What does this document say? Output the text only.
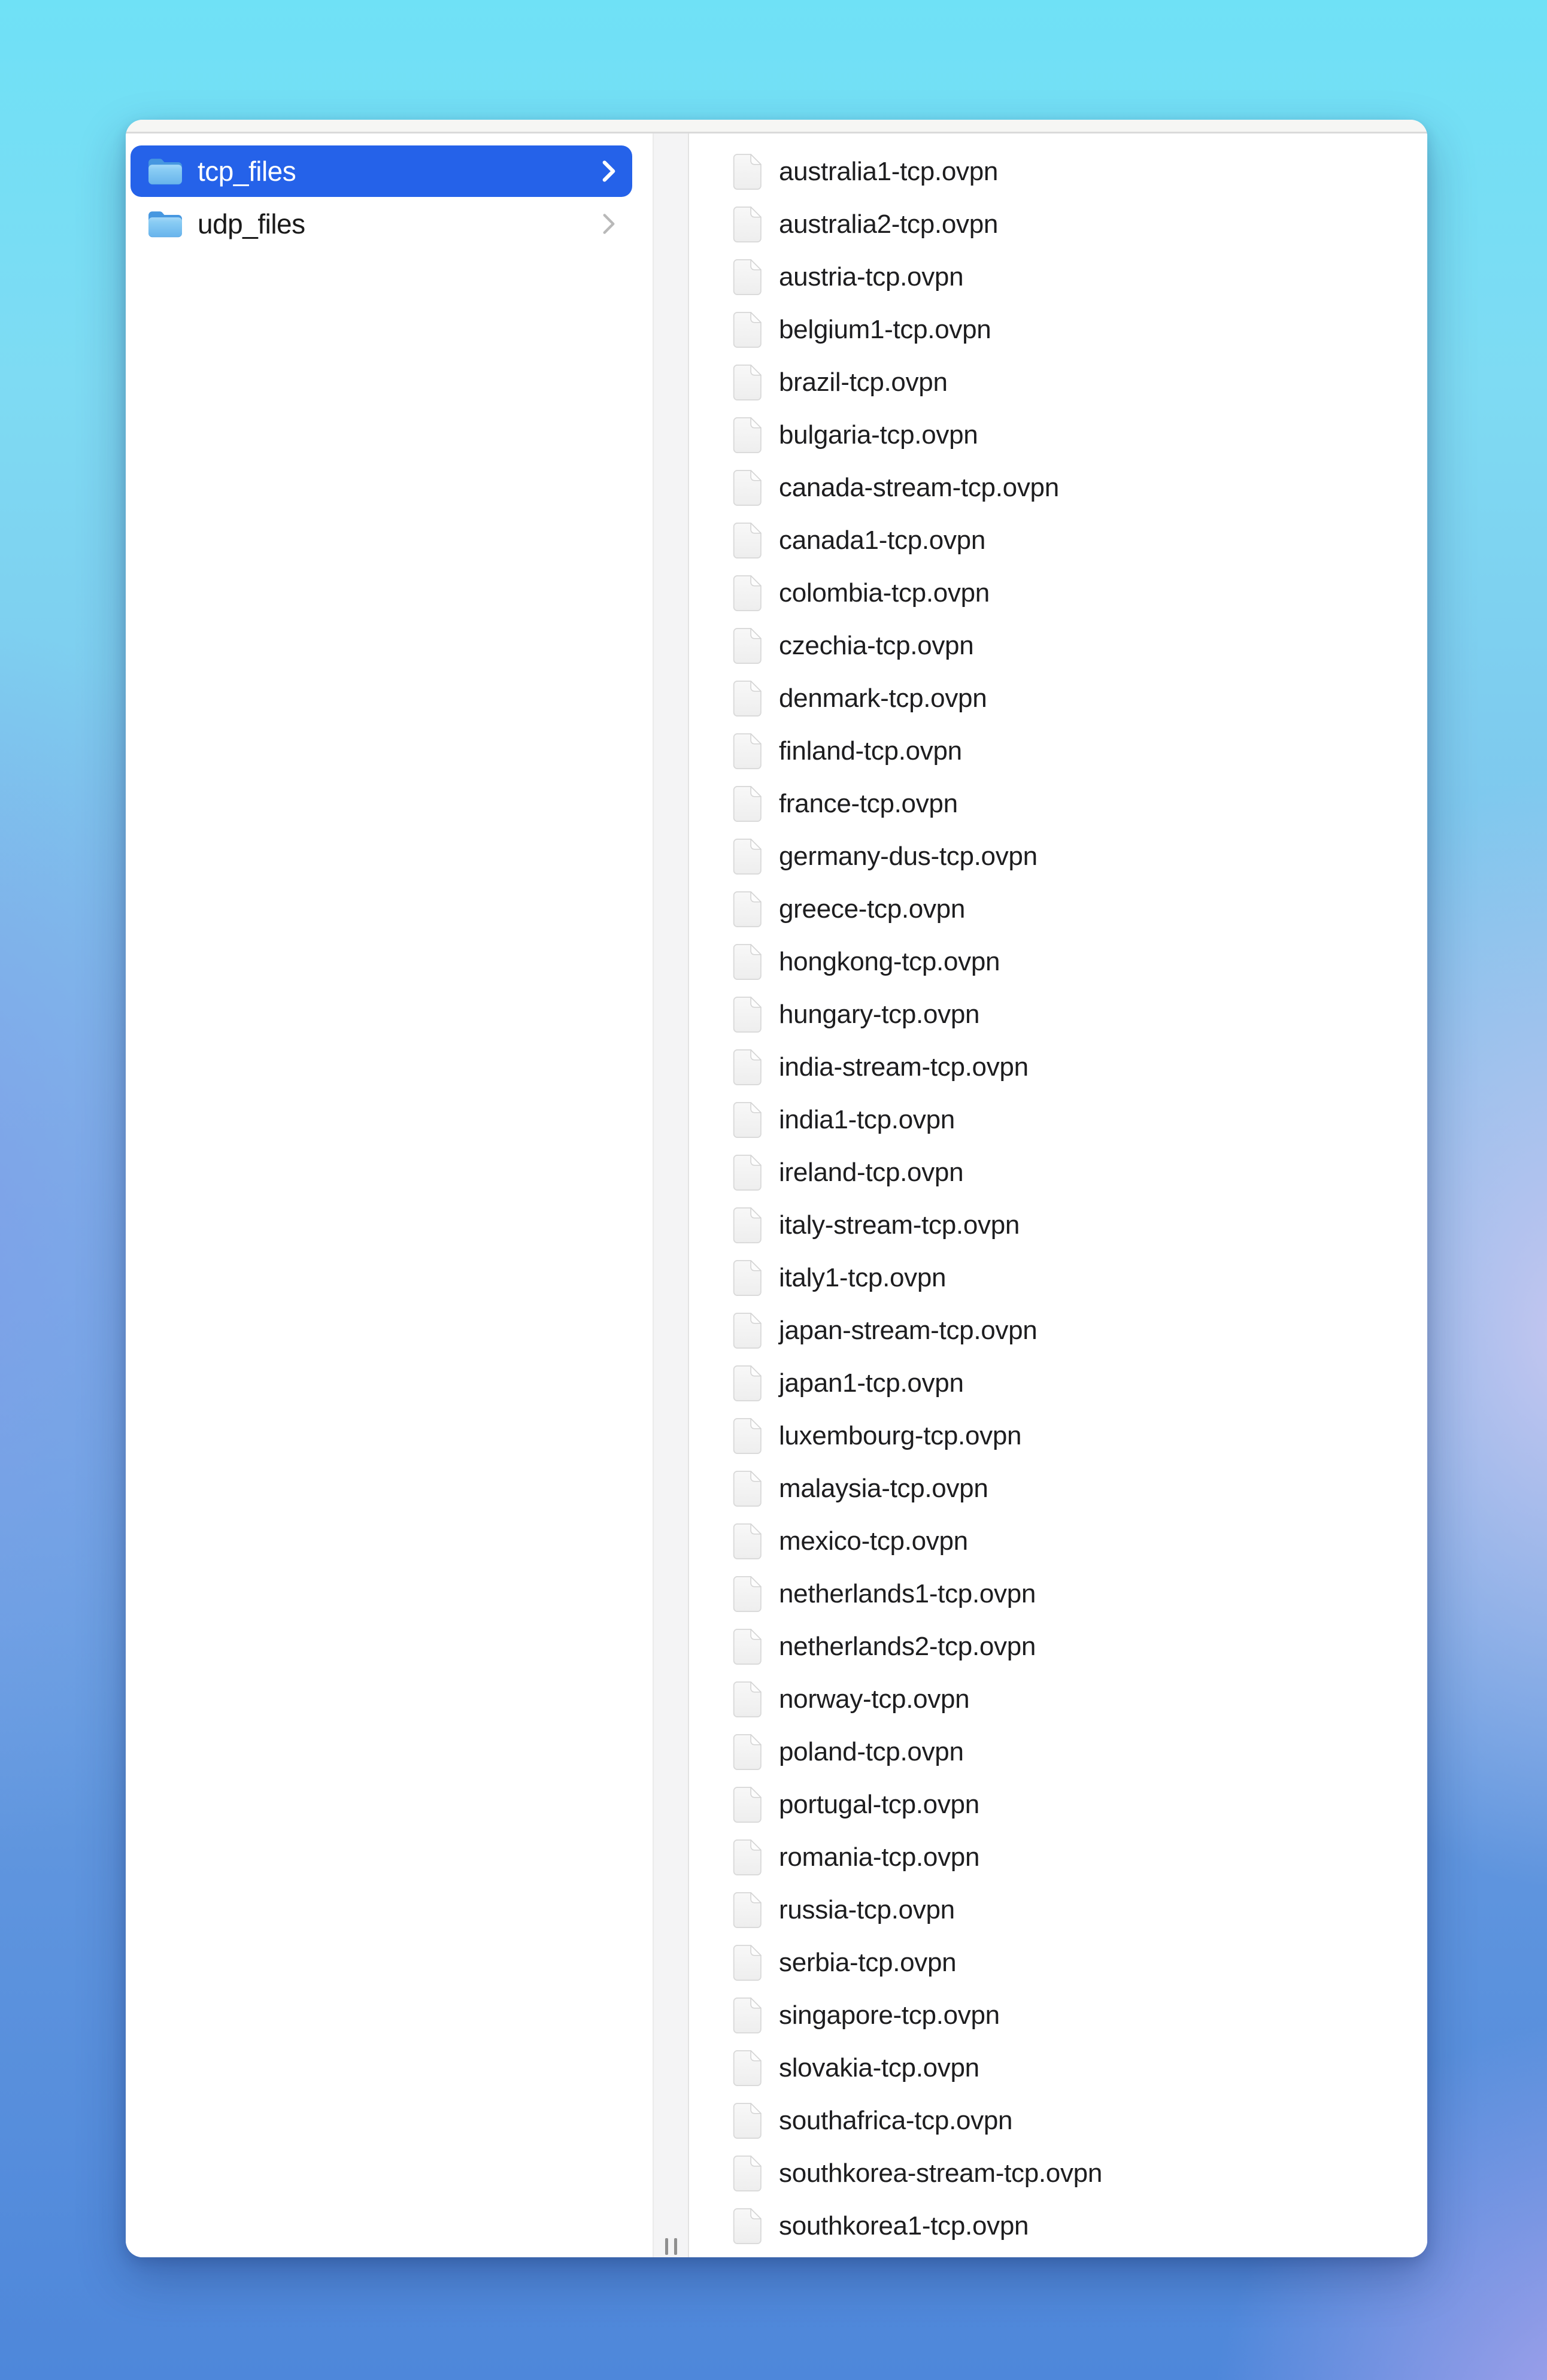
tcp_files
udp_files
australia1-tcp.ovpn
australia2-tcp.ovpn
austria-tcp.ovpn
belgium1-tcp.ovpn
brazil-tcp.ovpn
bulgaria-tcp.ovpn
canada-stream-tcp.ovpn
canada1-tcp.ovpn
colombia-tcp.ovpn
czechia-tcp.ovpn
denmark-tcp.ovpn
finland-tcp.ovpn
france-tcp.ovpn
germany-dus-tcp.ovpn
greece-tcp.ovpn
hongkong-tcp.ovpn
hungary-tcp.ovpn
india-stream-tcp.ovpn
india1-tcp.ovpn
ireland-tcp.ovpn
italy-stream-tcp.ovpn
italy1-tcp.ovpn
japan-stream-tcp.ovpn
japan1-tcp.ovpn
luxembourg-tcp.ovpn
malaysia-tcp.ovpn
mexico-tcp.ovpn
netherlands1-tcp.ovpn
netherlands2-tcp.ovpn
norway-tcp.ovpn
poland-tcp.ovpn
portugal-tcp.ovpn
romania-tcp.ovpn
russia-tcp.ovpn
serbia-tcp.ovpn
singapore-tcp.ovpn
slovakia-tcp.ovpn
southafrica-tcp.ovpn
southkorea-stream-tcp.ovpn
southkorea1-tcp.ovpn
